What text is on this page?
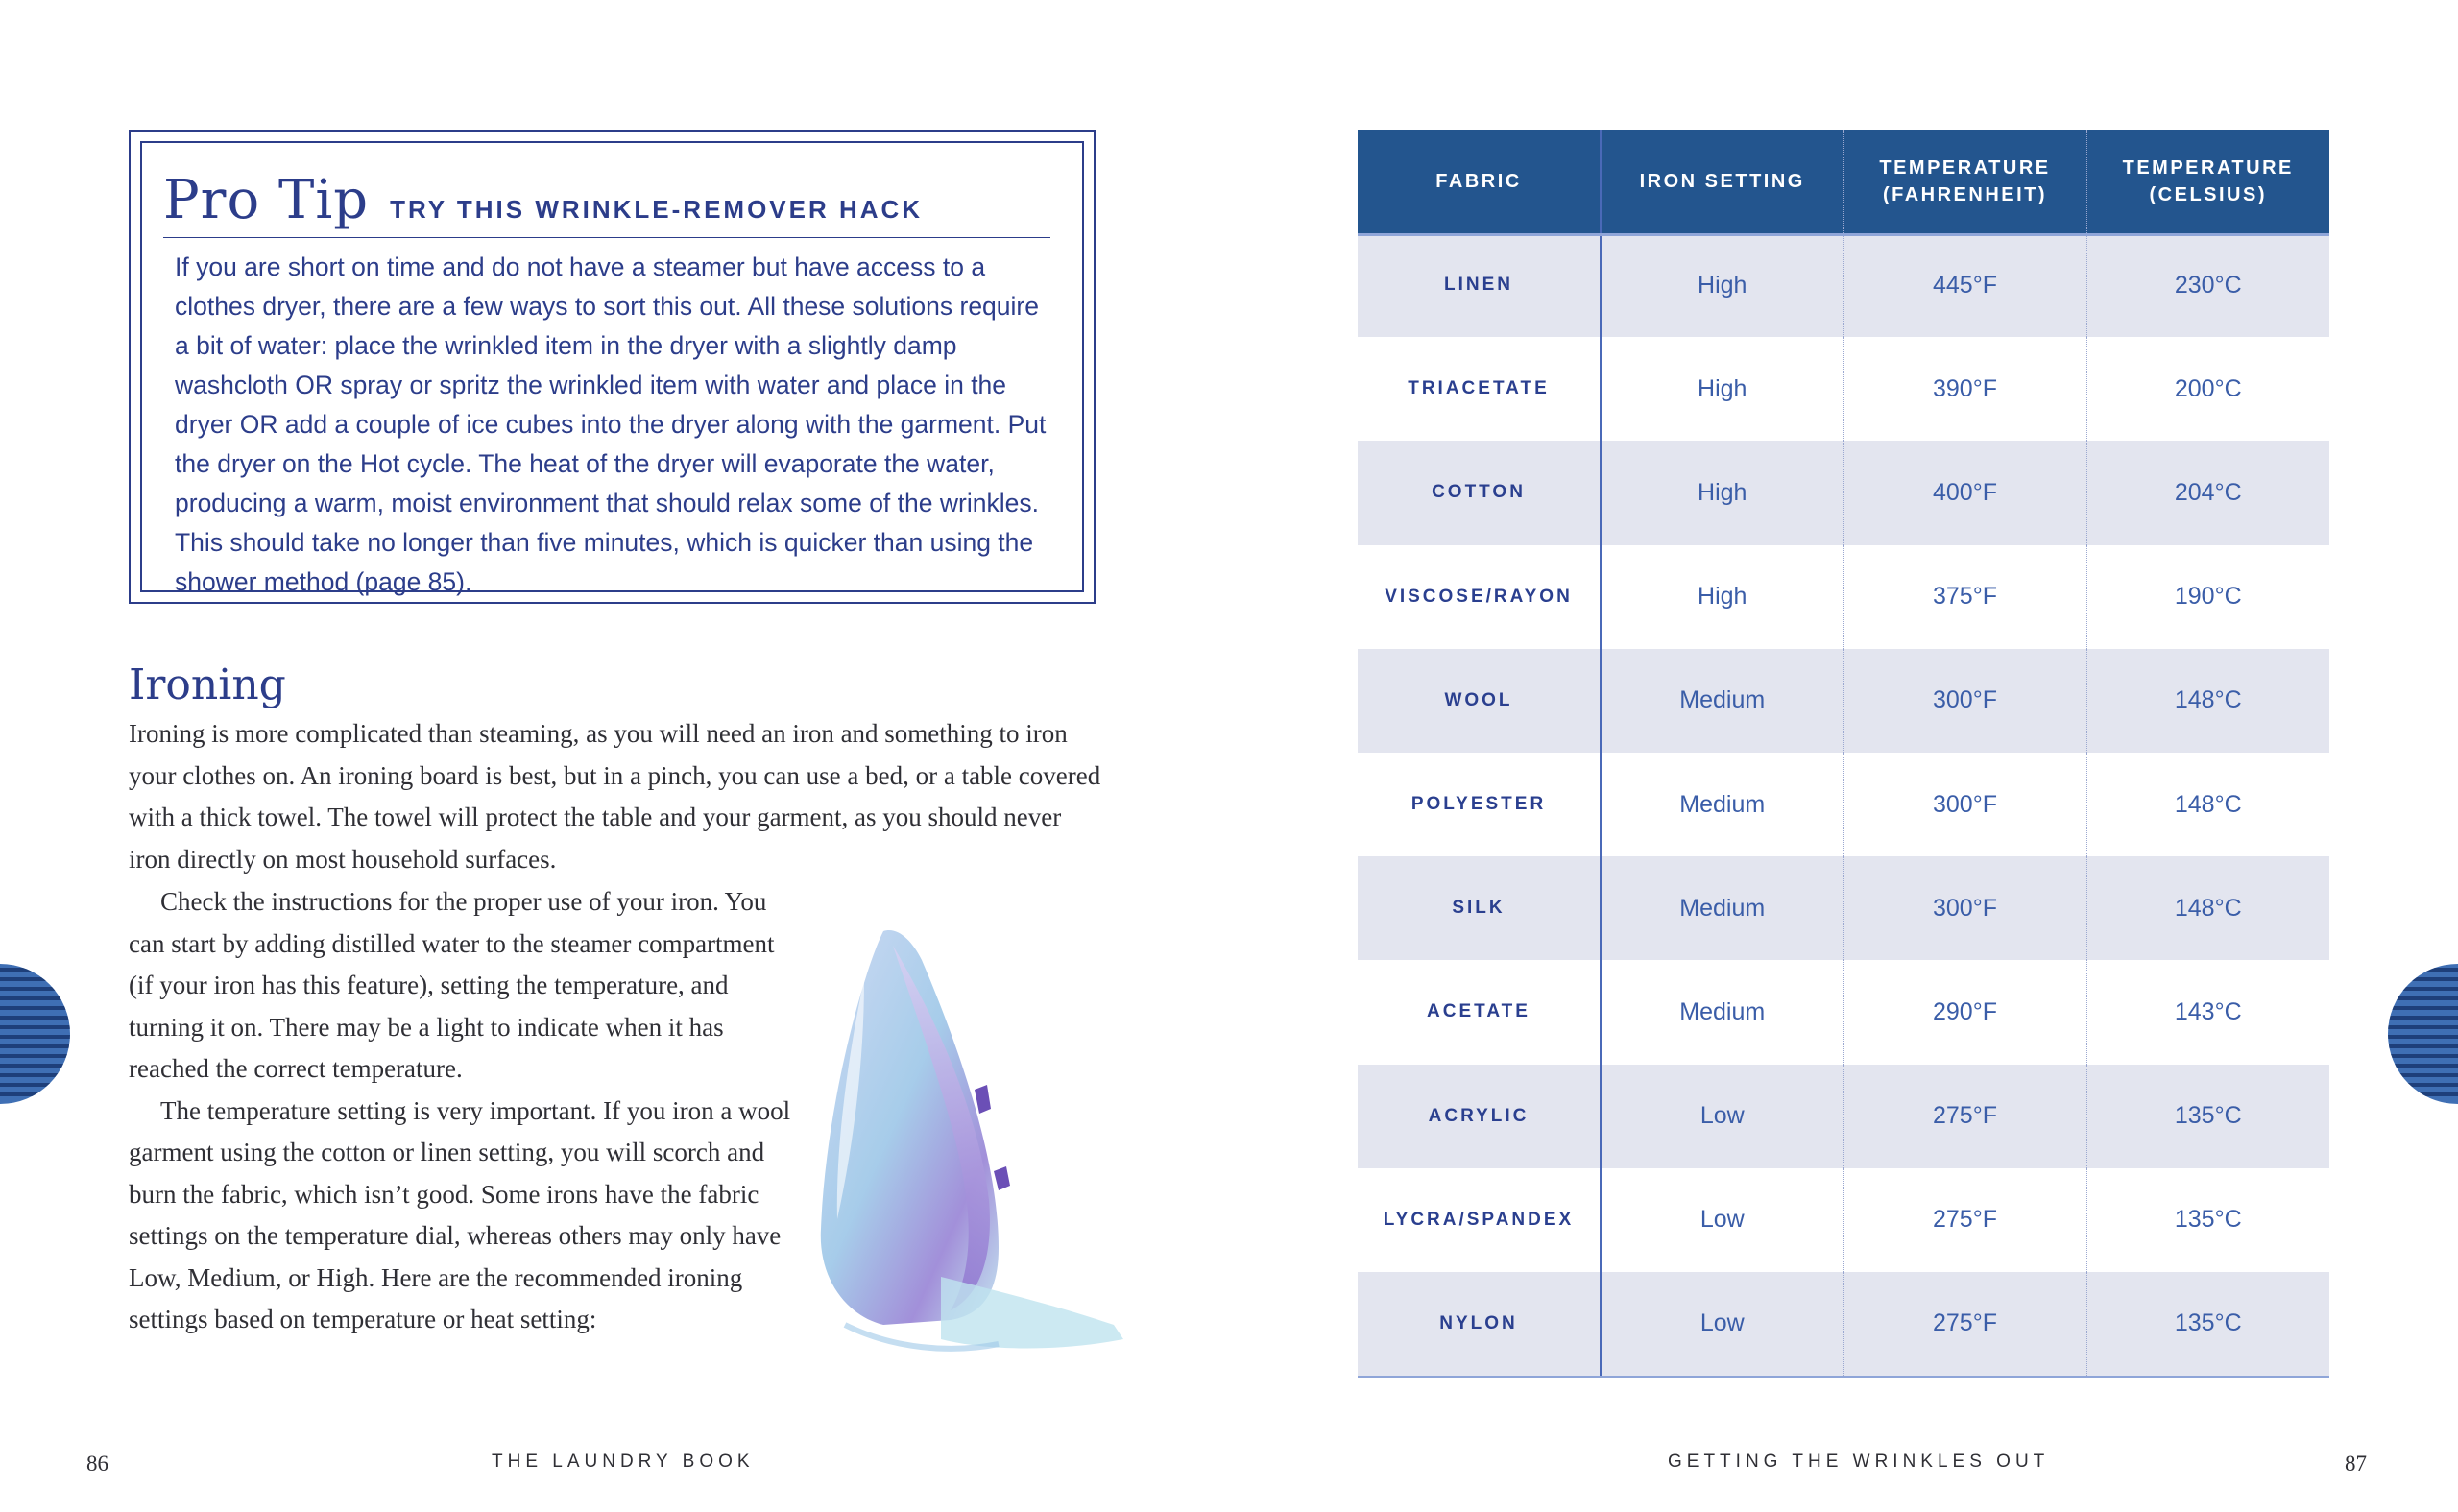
Pro Tip TRY THIS WRINKLE-REMOVER HACK
If you are short on time and do not have a steamer but have access to a clothes dryer, there are a few ways to sort this out. All these solutions require a bit of water: place the wrinkled item in the dryer with a slightly damp washcloth OR spray or spritz the wrinkled item with water and place in the dryer OR add a couple of ice cubes into the dryer along with the garment. Put the dryer on the Hot cycle. The heat of the dryer will evaporate the water, producing a warm, moist environment that should relax some of the wrinkles. This should take no longer than five minutes, which is quicker than using the shower method (page 85).
Ironing

Ironing is more complicated than steaming, as you will need an iron and something to iron your clothes on. An ironing board is best, but in a pinch, you can use a bed, or a table covered with a thick towel. The towel will protect the table and your garment, as you should never iron directly on most household surfaces.

Check the instructions for the proper use of your iron. You can start by adding distilled water to the steamer compartment (if your iron has this feature), setting the temperature, and turning it on. There may be a light to indicate when it has reached the correct temperature.

The temperature setting is very important. If you iron a wool garment using the cotton or linen setting, you will scorch and burn the fabric, which isn’t good. Some irons have the fabric settings on the temperature dial, whereas others may only have Low, Medium, or High. Here are the recommended ironing settings based on temperature or heat setting:

FABRIC	IRON SETTING	TEMPERATURE (FAHRENHEIT)	TEMPERATURE (CELSIUS)
LINEN	High	445°F	230°C
TRIACETATE	High	390°F	200°C
COTTON	High	400°F	204°C
VISCOSE/RAYON	High	375°F	190°C
WOOL	Medium	300°F	148°C
POLYESTER	Medium	300°F	148°C
SILK	Medium	300°F	148°C
ACETATE	Medium	290°F	143°C
ACRYLIC	Low	275°F	135°C
LYCRA/SPANDEX	Low	275°F	135°C
NYLON	Low	275°F	135°C
86	THE LAUNDRY BOOK	GETTING THE WRINKLES OUT	87
